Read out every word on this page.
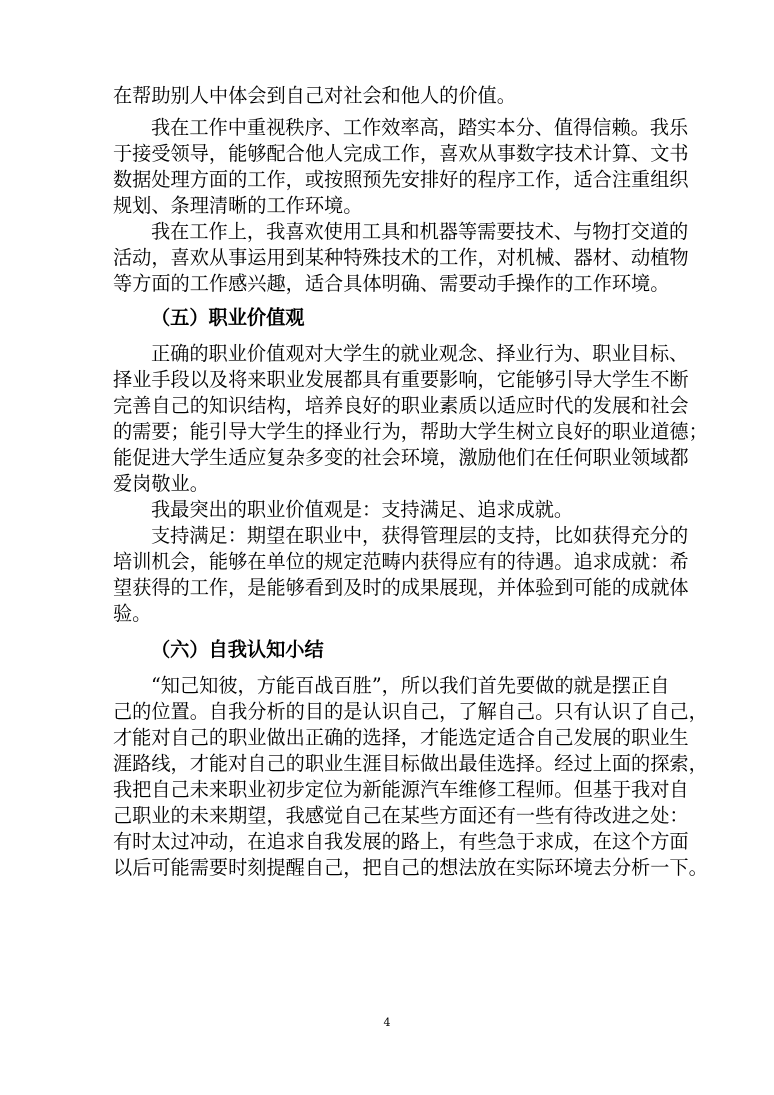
在帮助别人中体会到自己对社会和他人的价值。
我在工作中重视秩序、工作效率高，踏实本分、值得信赖。我乐
于接受领导，能够配合他人完成工作，喜欢从事数字技术计算、文书
数据处理方面的工作，或按照预先安排好的程序工作，适合注重组织
规划、条理清晰的工作环境。
我在工作上，我喜欢使用工具和机器等需要技术、与物打交道的
活动，喜欢从事运用到某种特殊技术的工作，对机械、器材、动植物
等方面的工作感兴趣，适合具体明确、需要动手操作的工作环境。
（五）职业价值观
正确的职业价值观对大学生的就业观念、择业行为、职业目标、
择业手段以及将来职业发展都具有重要影响，它能够引导大学生不断
完善自己的知识结构，培养良好的职业素质以适应时代的发展和社会
的需要；能引导大学生的择业行为，帮助大学生树立良好的职业道德；
能促进大学生适应复杂多变的社会环境，激励他们在任何职业领域都
爱岗敬业。
我最突出的职业价值观是：支持满足、追求成就。
支持满足：期望在职业中，获得管理层的支持，比如获得充分的
培训机会，能够在单位的规定范畴内获得应有的待遇。追求成就：希
望获得的工作，是能够看到及时的成果展现，并体验到可能的成就体
验。
（六）自我认知小结
“知己知彼，方能百战百胜”，所以我们首先要做的就是摆正自
己的位置。自我分析的目的是认识自己，了解自己。只有认识了自己，
才能对自己的职业做出正确的选择，才能选定适合自己发展的职业生
涯路线，才能对自己的职业生涯目标做出最佳选择。经过上面的探索，
我把自己未来职业初步定位为新能源汽车维修工程师。但基于我对自
己职业的未来期望，我感觉自己在某些方面还有一些有待改进之处：
有时太过冲动，在追求自我发展的路上，有些急于求成，在这个方面
以后可能需要时刻提醒自己，把自己的想法放在实际环境去分析一下。
4
